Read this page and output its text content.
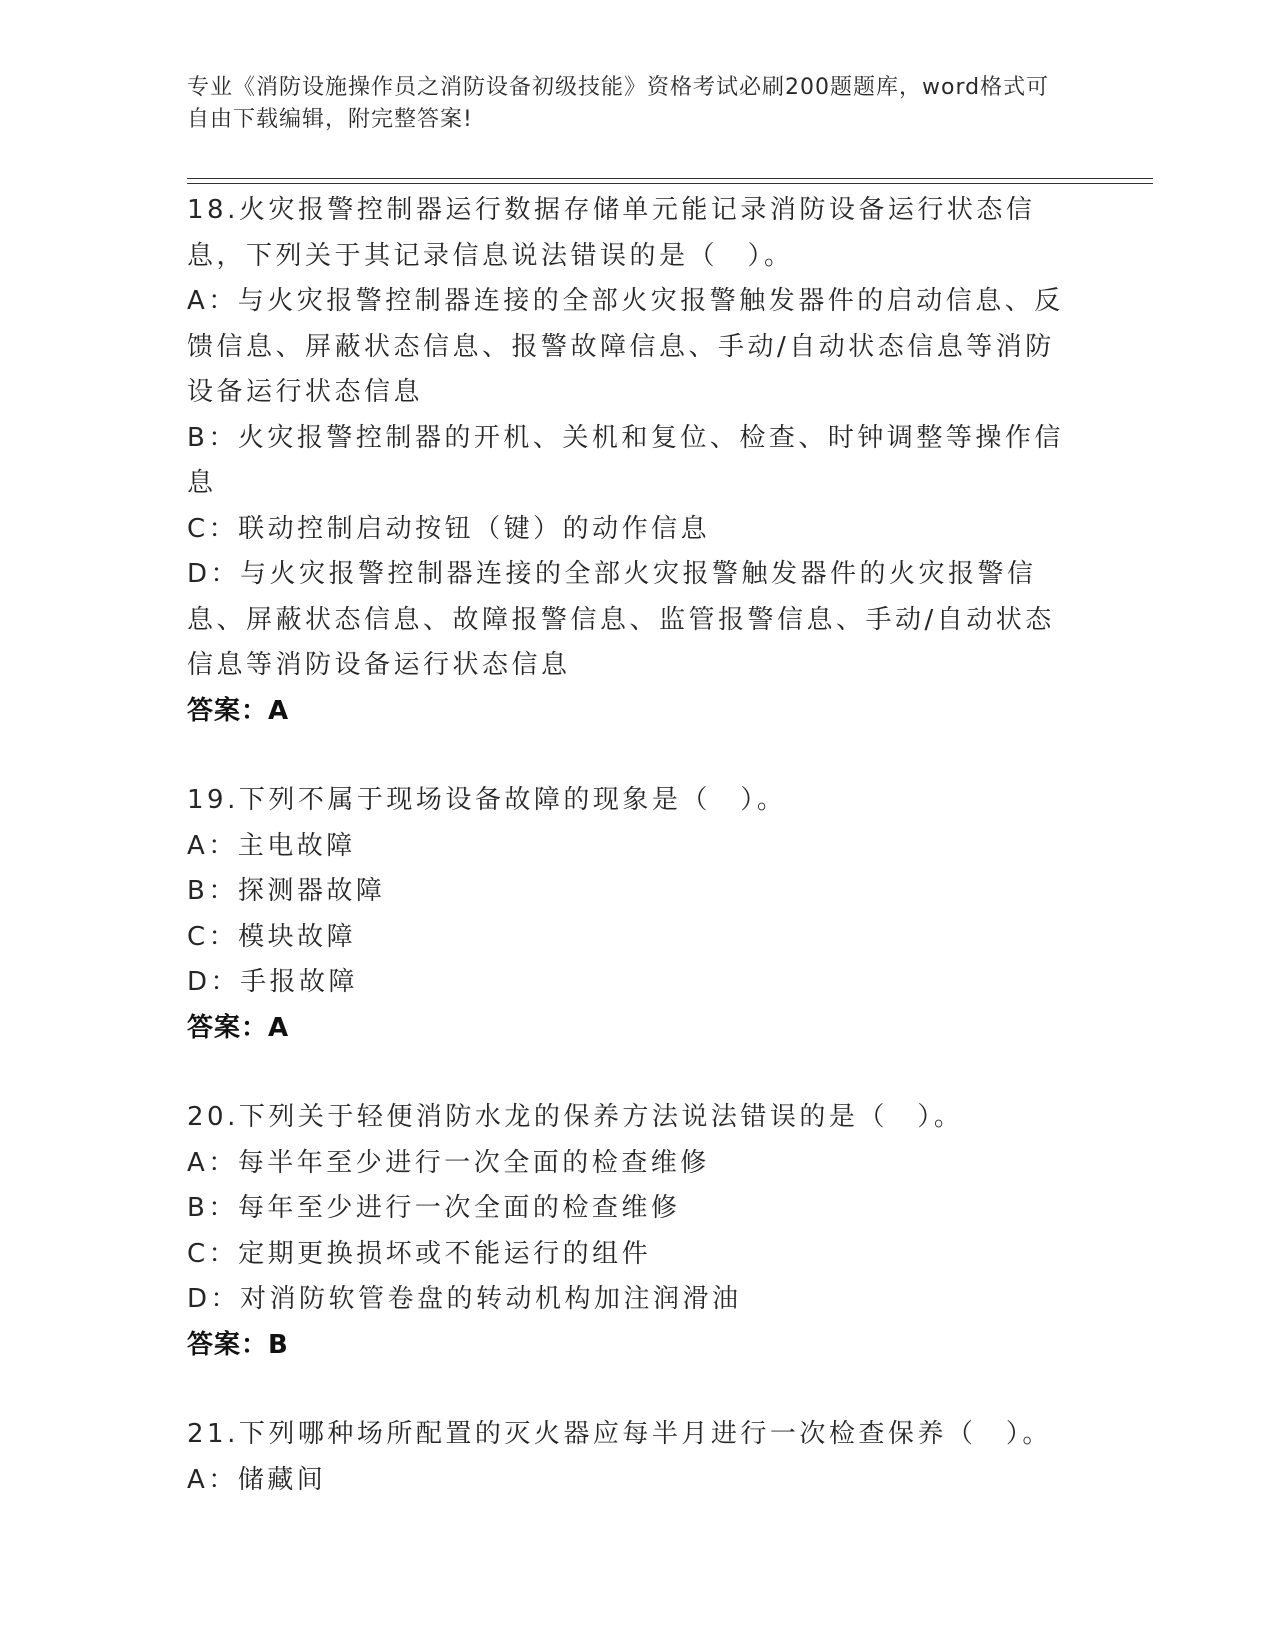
专业《消防设施操作员之消防设备初级技能》资格考试必刷200题题库，word格式可自由下载编辑，附完整答案!

18.火灾报警控制器运行数据存储单元能记录消防设备运行状态信息，下列关于其记录信息说法错误的是（　）。

A：与火灾报警控制器连接的全部火灾报警触发器件的启动信息、反馈信息、屏蔽状态信息、报警故障信息、手动/自动状态信息等消防设备运行状态信息

B：火灾报警控制器的开机、关机和复位、检查、时钟调整等操作信息

C：联动控制启动按钮（键）的动作信息

D：与火灾报警控制器连接的全部火灾报警触发器件的火灾报警信息、屏蔽状态信息、故障报警信息、监管报警信息、手动/自动状态信息等消防设备运行状态信息

答案：A

19.下列不属于现场设备故障的现象是（　）。

A：主电故障

B：探测器故障

C：模块故障

D：手报故障

答案：A

20.下列关于轻便消防水龙的保养方法说法错误的是（　）。

A：每半年至少进行一次全面的检查维修

B：每年至少进行一次全面的检查维修

C：定期更换损坏或不能运行的组件

D：对消防软管卷盘的转动机构加注润滑油

答案：B

21.下列哪种场所配置的灭火器应每半月进行一次检查保养（　）。

A：储藏间
